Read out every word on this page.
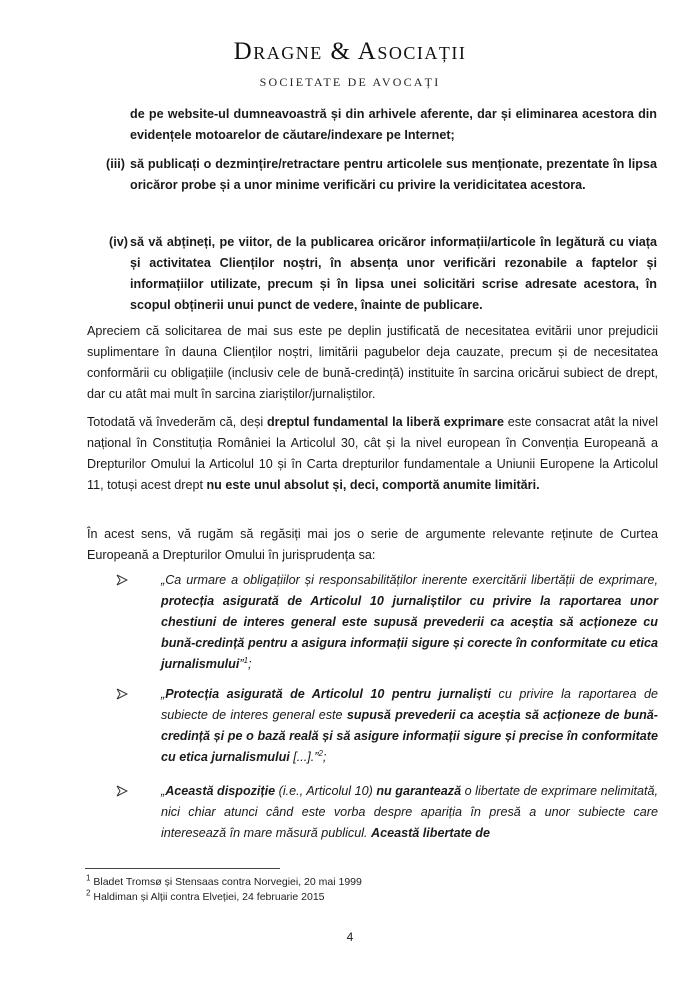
Dragne & Asociații
SOCIETATE DE AVOCAȚI
de pe website-ul dumneavoastră și din arhivele aferente, dar și eliminarea acestora din evidențele motoarelor de căutare/indexare pe Internet;
(iii) să publicați o dezmințire/retractare pentru articolele sus menționate, prezentate în lipsa oricăror probe și a unor minime verificări cu privire la veridicitatea acestora.
(iv) să vă abțineți, pe viitor, de la publicarea oricăror informații/articole în legătură cu viața și activitatea Clienților noștri, în absența unor verificări rezonabile a faptelor și informațiilor utilizate, precum și în lipsa unei solicitări scrise adresate acestora, în scopul obținerii unui punct de vedere, înainte de publicare.
Apreciem că solicitarea de mai sus este pe deplin justificată de necesitatea evitării unor prejudicii suplimentare în dauna Clienților noștri, limitării pagubelor deja cauzate, precum și de necesitatea conformării cu obligațiile (inclusiv cele de bună-credință) instituite în sarcina oricărui subiect de drept, dar cu atât mai mult în sarcina ziariștilor/jurnaliștilor.
Totodată vă învederăm că, deși dreptul fundamental la liberă exprimare este consacrat atât la nivel național în Constituția României la Articolul 30, cât și la nivel european în Convenția Europeană a Drepturilor Omului la Articolul 10 și în Carta drepturilor fundamentale a Uniunii Europene la Articolul 11, totuși acest drept nu este unul absolut și, deci, comportă anumite limitări.
În acest sens, vă rugăm să regăsiți mai jos o serie de argumente relevante reținute de Curtea Europeană a Drepturilor Omului în jurisprudența sa:
„Ca urmare a obligațiilor și responsabilităților inerente exercitării libertății de exprimare, protecția asigurată de Articolul 10 jurnaliștilor cu privire la raportarea unor chestiuni de interes general este supusă prevederii ca aceștia să acționeze cu bună-credință pentru a asigura informații sigure și corecte în conformitate cu etica jurnalismului”$^1$;
„Protecția asigurată de Articolul 10 pentru jurnaliști cu privire la raportarea de subiecte de interes general este supusă prevederii ca aceștia să acționeze de bună-credință și pe o bază reală și să asigure informații sigure și precise în conformitate cu etica jurnalismului [...].”$^2$;
„Această dispoziție (i.e., Articolul 10) nu garantează o libertate de exprimare nelimitată, nici chiar atunci când este vorba despre apariția în presă a unor subiecte care interesează în mare măsură publicul. Această libertate de
$^1$ Bladet Tromsø și Stensaas contra Norvegiei, 20 mai 1999
$^2$ Haldiman și Alții contra Elveției, 24 februarie 2015
4
